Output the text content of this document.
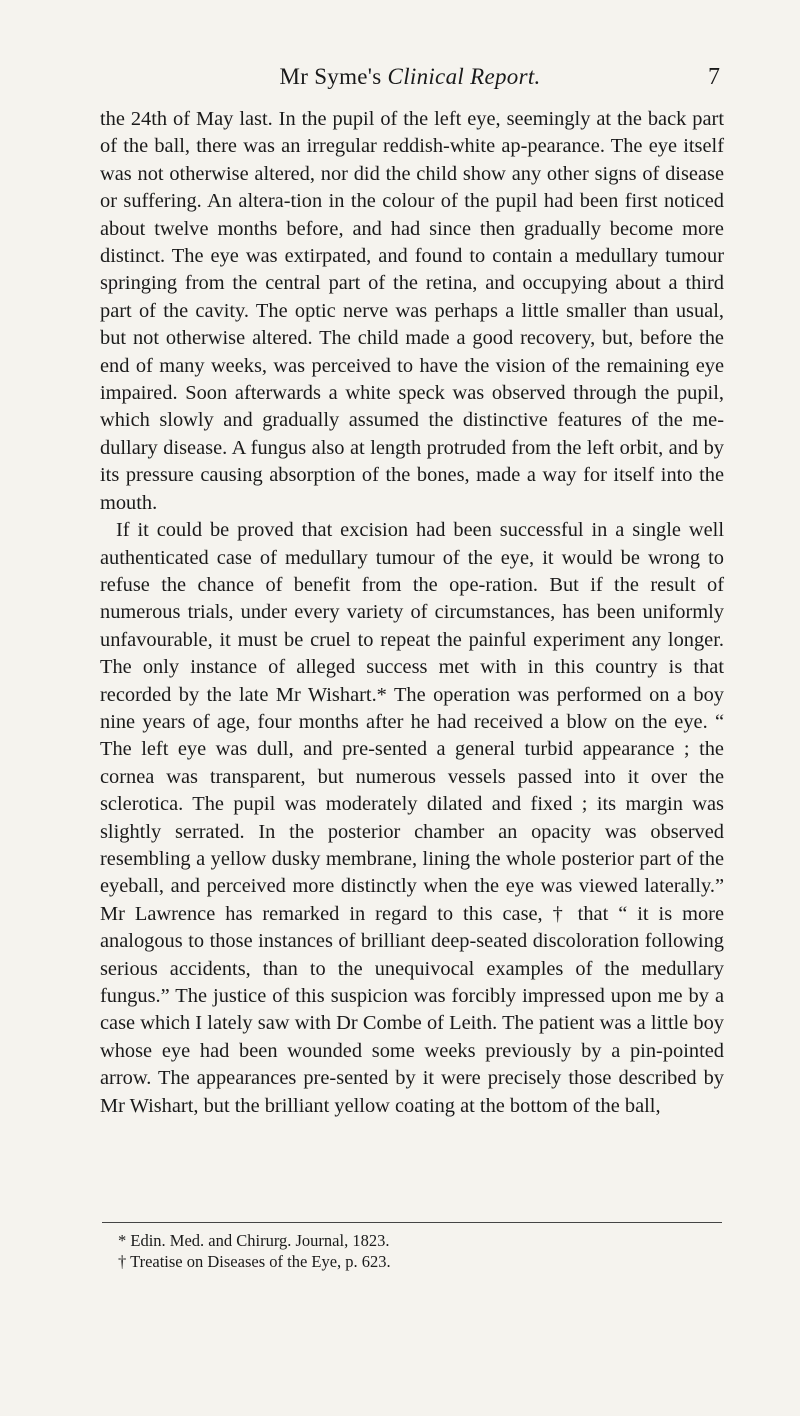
Mr Syme's Clinical Report.	7

the 24th of May last. In the pupil of the left eye, seemingly at the back part of the ball, there was an irregular reddish-white ap-pearance. The eye itself was not otherwise altered, nor did the child show any other signs of disease or suffering. An altera-tion in the colour of the pupil had been first noticed about twelve months before, and had since then gradually become more distinct. The eye was extirpated, and found to contain a medullary tumour springing from the central part of the retina, and occupying about a third part of the cavity. The optic nerve was perhaps a little smaller than usual, but not otherwise altered. The child made a good recovery, but, before the end of many weeks, was perceived to have the vision of the remaining eye impaired. Soon afterwards a white speck was observed through the pupil, which slowly and gradually assumed the distinctive features of the me-dullary disease. A fungus also at length protruded from the left orbit, and by its pressure causing absorption of the bones, made a way for itself into the mouth.

If it could be proved that excision had been successful in a single well authenticated case of medullary tumour of the eye, it would be wrong to refuse the chance of benefit from the ope-ration. But if the result of numerous trials, under every variety of circumstances, has been uniformly unfavourable, it must be cruel to repeat the painful experiment any longer. The only instance of alleged success met with in this country is that recorded by the late Mr Wishart.* The operation was performed on a boy nine years of age, four months after he had received a blow on the eye. “ The left eye was dull, and pre-sented a general turbid appearance ; the cornea was transparent, but numerous vessels passed into it over the sclerotica. The pupil was moderately dilated and fixed ; its margin was slightly serrated. In the posterior chamber an opacity was observed resembling a yellow dusky membrane, lining the whole posterior part of the eyeball, and perceived more distinctly when the eye was viewed laterally.” Mr Lawrence has remarked in regard to this case, † that “ it is more analogous to those instances of brilliant deep-seated discoloration following serious accidents, than to the unequivocal examples of the medullary fungus.” The justice of this suspicion was forcibly impressed upon me by a case which I lately saw with Dr Combe of Leith. The patient was a little boy whose eye had been wounded some weeks previously by a pin-pointed arrow. The appearances pre-sented by it were precisely those described by Mr Wishart, but the brilliant yellow coating at the bottom of the ball,

* Edin. Med. and Chirurg. Journal, 1823.
† Treatise on Diseases of the Eye, p. 623.
